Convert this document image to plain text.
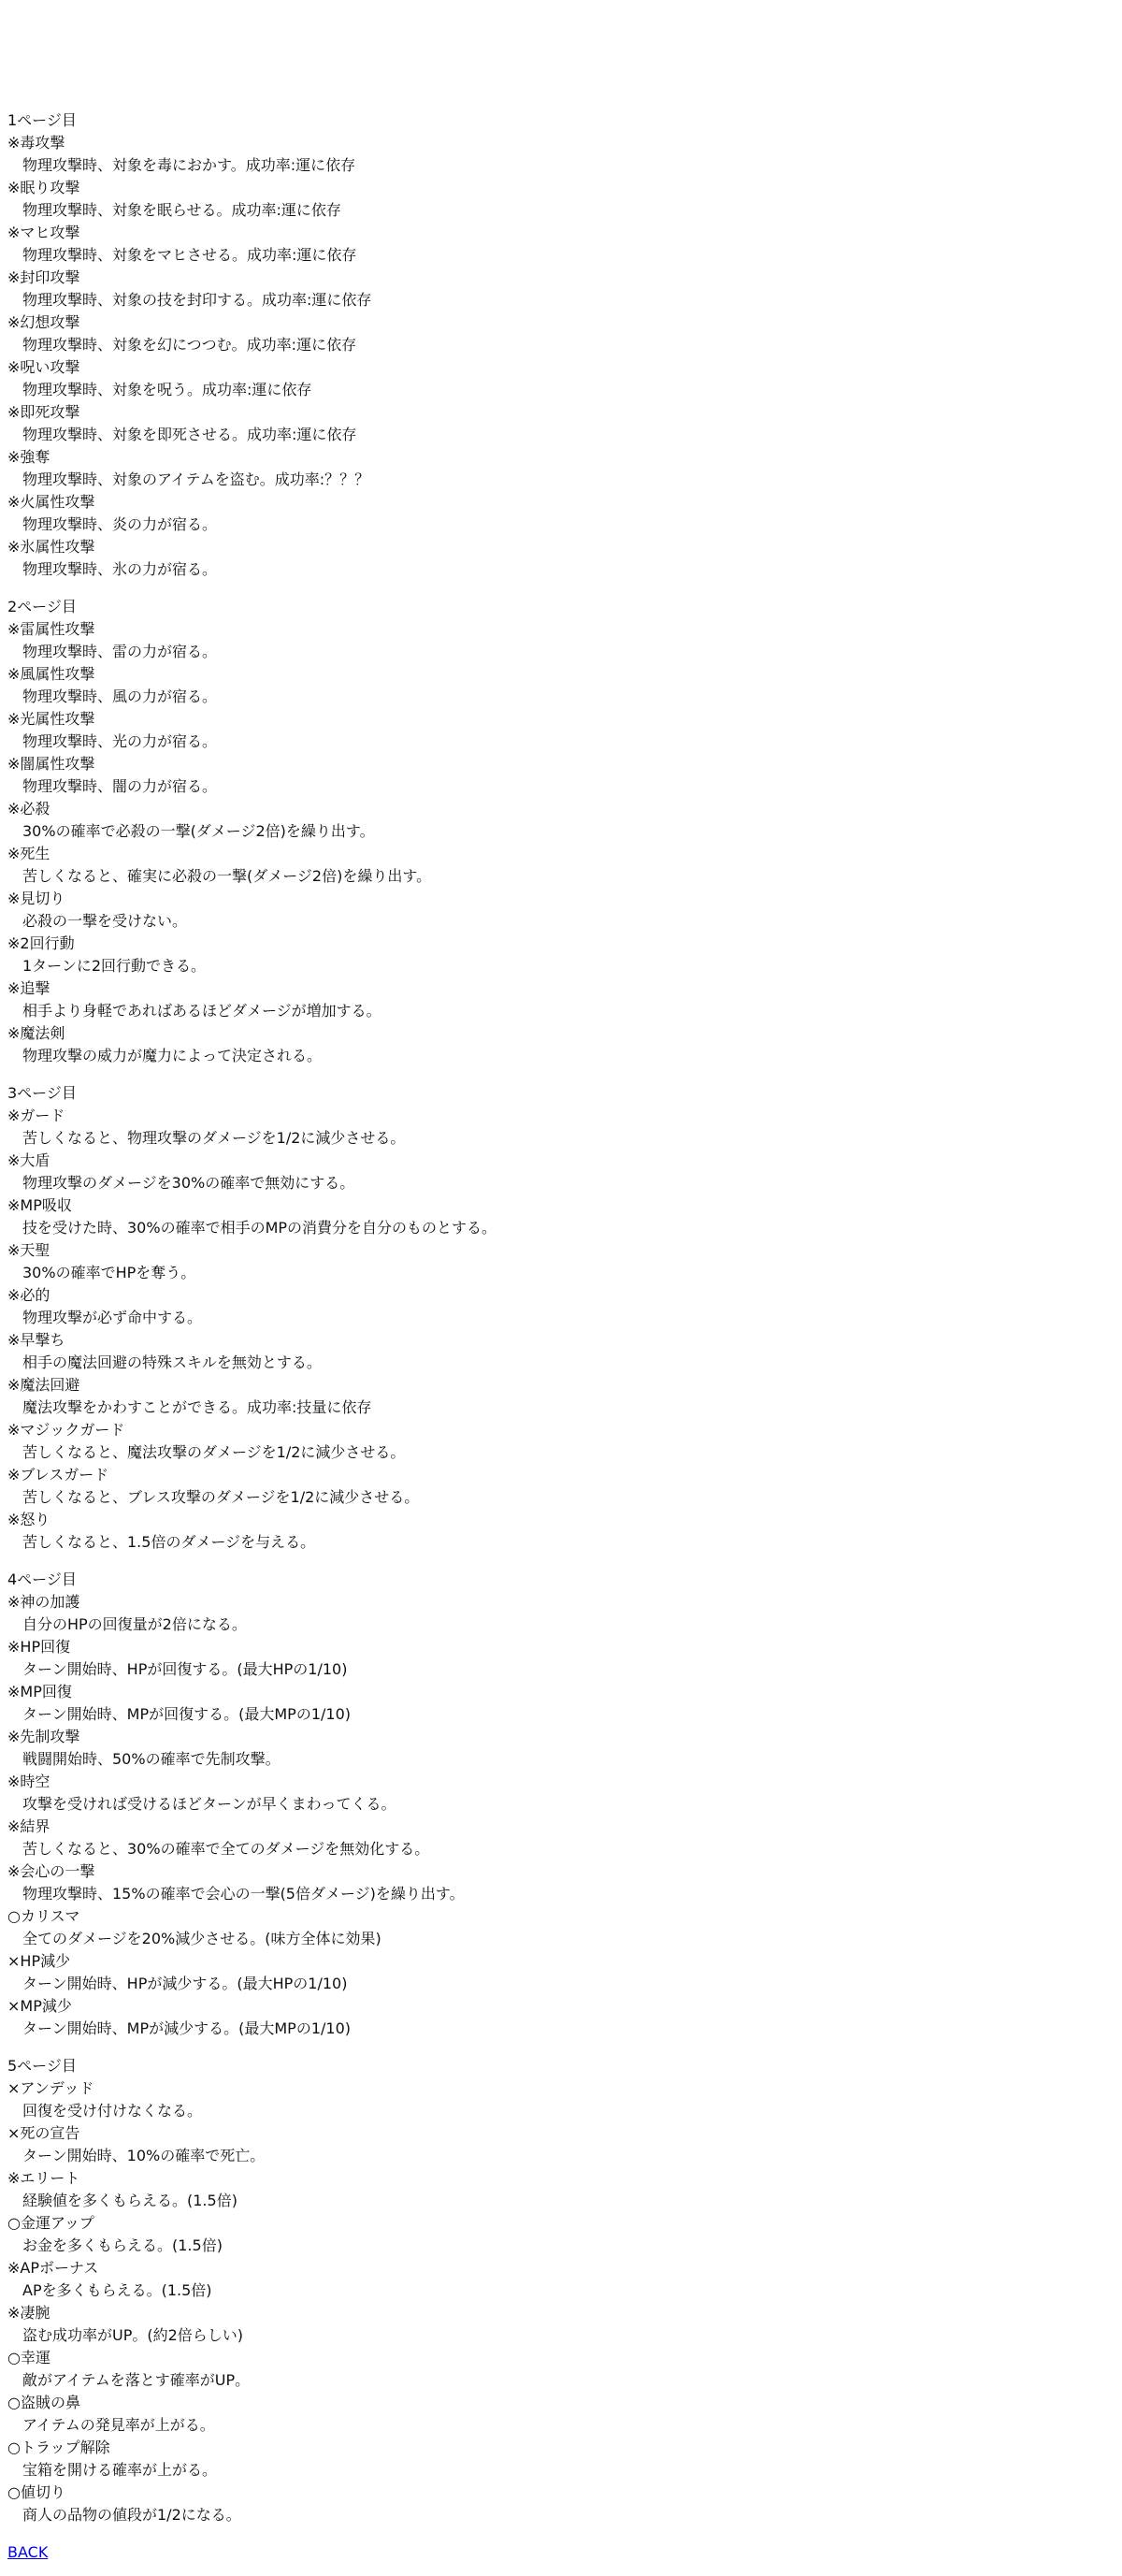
1ページ目
※毒攻撃
物理攻撃時、対象を毒におかす。成功率:運に依存
※眠り攻撃
物理攻撃時、対象を眠らせる。成功率:運に依存
※マヒ攻撃
物理攻撃時、対象をマヒさせる。成功率:運に依存
※封印攻撃
物理攻撃時、対象の技を封印する。成功率:運に依存
※幻想攻撃
物理攻撃時、対象を幻につつむ。成功率:運に依存
※呪い攻撃
物理攻撃時、対象を呪う。成功率:運に依存
※即死攻撃
物理攻撃時、対象を即死させる。成功率:運に依存
※強奪
物理攻撃時、対象のアイテムを盗む。成功率:？？？
※火属性攻撃
物理攻撃時、炎の力が宿る。
※氷属性攻撃
物理攻撃時、氷の力が宿る。
2ページ目
※雷属性攻撃
物理攻撃時、雷の力が宿る。
※風属性攻撃
物理攻撃時、風の力が宿る。
※光属性攻撃
物理攻撃時、光の力が宿る。
※闇属性攻撃
物理攻撃時、闇の力が宿る。
※必殺
30%の確率で必殺の一撃(ダメージ2倍)を繰り出す。
※死生
苦しくなると、確実に必殺の一撃(ダメージ2倍)を繰り出す。
※見切り
必殺の一撃を受けない。
※2回行動
1ターンに2回行動できる。
※追撃
相手より身軽であればあるほどダメージが増加する。
※魔法剣
物理攻撃の威力が魔力によって決定される。
3ページ目
※ガード
苦しくなると、物理攻撃のダメージを1/2に減少させる。
※大盾
物理攻撃のダメージを30%の確率で無効にする。
※MP吸収
技を受けた時、30%の確率で相手のMPの消費分を自分のものとする。
※天聖
30%の確率でHPを奪う。
※必的
物理攻撃が必ず命中する。
※早撃ち
相手の魔法回避の特殊スキルを無効とする。
※魔法回避
魔法攻撃をかわすことができる。成功率:技量に依存
※マジックガード
苦しくなると、魔法攻撃のダメージを1/2に減少させる。
※ブレスガード
苦しくなると、ブレス攻撃のダメージを1/2に減少させる。
※怒り
苦しくなると、1.5倍のダメージを与える。
4ページ目
※神の加護
自分のHPの回復量が2倍になる。
※HP回復
ターン開始時、HPが回復する。(最大HPの1/10)
※MP回復
ターン開始時、MPが回復する。(最大MPの1/10)
※先制攻撃
戦闘開始時、50%の確率で先制攻撃。
※時空
攻撃を受ければ受けるほどターンが早くまわってくる。
※結界
苦しくなると、30%の確率で全てのダメージを無効化する。
※会心の一撃
物理攻撃時、15%の確率で会心の一撃(5倍ダメージ)を繰り出す。
○カリスマ
全てのダメージを20%減少させる。(味方全体に効果)
×HP減少
ターン開始時、HPが減少する。(最大HPの1/10)
×MP減少
ターン開始時、MPが減少する。(最大MPの1/10)
5ページ目
×アンデッド
回復を受け付けなくなる。
×死の宣告
ターン開始時、10%の確率で死亡。
※エリート
経験値を多くもらえる。(1.5倍)
○金運アップ
お金を多くもらえる。(1.5倍)
※APボーナス
APを多くもらえる。(1.5倍)
※凄腕
盗む成功率がUP。(約2倍らしい)
○幸運
敵がアイテムを落とす確率がUP。
○盗賊の鼻
アイテムの発見率が上がる。
○トラップ解除
宝箱を開ける確率が上がる。
○値切り
商人の品物の値段が1/2になる。
BACK
